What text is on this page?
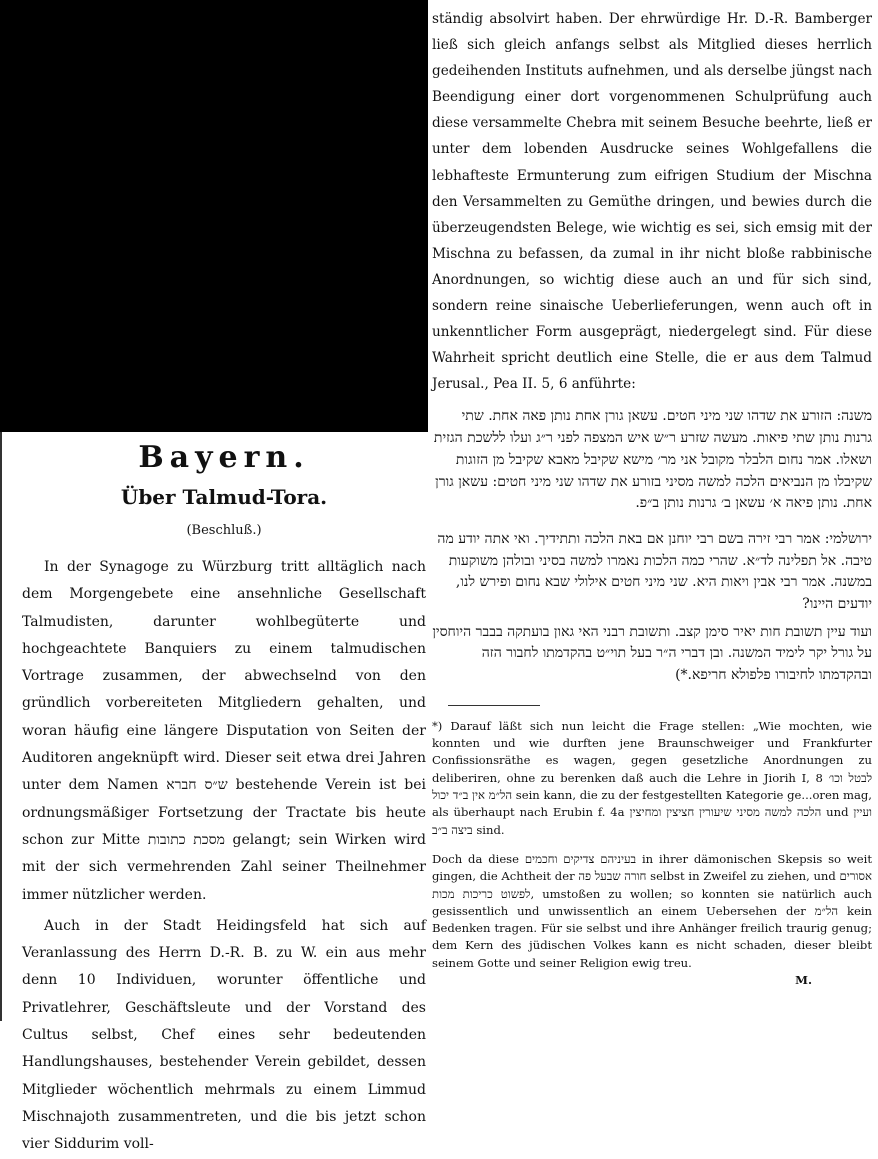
Bayern.
Über Talmud-Tora.
(Beschluß.)

In der Synagoge zu Würzburg tritt alltäglich nach dem Morgengebete eine ansehnliche Gesellschaft Talmudisten, darunter wohlbegüterte und hochgeachtete Banquiers zu einem talmudischen Vortrage zusammen, der abwechselnd von den gründlich vorbereiteten Mitgliedern gehalten, und woran häufig eine längere Disputation von Seiten der Auditoren angeknüpft wird. Dieser seit etwa drei Jahren unter dem Namen ש״ס חברא bestehende Verein ist bei ordnungsmäßiger Fortsetzung der Tractate bis heute schon zur Mitte מסכת כתובות gelangt; sein Wirken wird mit der sich vermehrenden Zahl seiner Theilnehmer immer nützlicher werden.

Auch in der Stadt Heidingsfeld hat sich auf Veranlassung des Herrn D.-R. B. zu W. ein aus mehr denn 10 Individuen, worunter öffentliche und Privatlehrer, Geschäftsleute und der Vorstand des Cultus selbst, Chef eines sehr bedeutenden Handlungshauses, bestehender Verein gebildet, dessen Mitglieder wöchentlich mehrmals zu einem Limmud Mischnajoth zusammentreten, und die bis jetzt schon vier Siddurim voll-

ständig absolvirt haben. Der ehrwürdige Hr. D.-R. Bamberger ließ sich gleich anfangs selbst als Mitglied dieses herrlich gedeihenden Instituts aufnehmen, und als derselbe jüngst nach Beendigung einer dort vorgenommenen Schulprüfung auch diese versammelte Chebra mit seinem Besuche beehrte, ließ er unter dem lobenden Ausdrucke seines Wohlgefallens die lebhafteste Ermunterung zum eifrigen Studium der Mischna den Versammelten zu Gemüthe dringen, und bewies durch die überzeugendsten Belege, wie wichtig es sei, sich emsig mit der Mischna zu befassen, da zumal in ihr nicht bloße rabbinische Anordnungen, so wichtig diese auch an und für sich sind, sondern reine sinaische Ueberlieferungen, wenn auch oft in unkenntlicher Form ausgeprägt, niedergelegt sind. Für diese Wahrheit spricht deutlich eine Stelle, die er aus dem Talmud Jerusal., Pea II. 5, 6 anführte:

משנה: הזורע את שדהו שני מיני חטים. עשאן גורן אחת נותן פאה אחת. שתי גרנות נותן שתי פיאות. מעשה שזרע ר״ש איש המצפה לפני ר״ג ועלו ללשכת הגזית ושאלו. אמר נחום הלבלר מקובל אני מר׳ מישא שקיבל מאבא שקיבל מן הזוגות שקיבלו מן הנביאים הלכה למשה מסיני בזורע את שדהו שני מיני חטים: עשאן גורן אחת. נותן פיאה א׳ עשאן ב׳ גרנות נותן ב״פ.

ירושלמי: אמר רבי זירה בשם רבי יוחנן אם באת הלכה ותתידיך. ואי אתה יודע מה טיבה. אל תפלינה לד״א. שהרי כמה הלכות נאמרו למשה בסיני ובולהן משוקעות במשנה. אמר רבי אבין ויאות היא. שני מיני חטים אילולי שבא נחום ופירש לנו, יודעים היינו?

ועוד עיין תשובת חות יאיר סימן קצב. ותשובת רבני האי גאון בועתקה בבבר היוחסין על גורל יקר לימיד המשנה. ובן דברי ה״ר בעל תוי״ט בהקדמתו לחבור הזה ובהקדמתו לחיבורו פלפולא חריפא.*)

*) Darauf läßt sich nun leicht die Frage stellen: „Wie mochten, wie konnten und wie durften jene Braunschweiger und Frankfurter Confissionsräthe es wagen, gegen gesetzliche Anordnungen zu deliberiren, ohne zu berenken daß auch die Lehre in Jiorih I, 8 לבטל וכו׳ הל״מ אין ב״ד יכול sein kann, die zu der festgestellten Kategorie ge...oren mag, als überhaupt nach Erubin f. 4a הלכה למשה מסיני שיעורין חציצין ומחיצין und ועיין ביצה ב״ב sind.

Doch da diese בעיניהם צדיקים וחכמים in ihrer dämonischen Skepsis so weit gingen, die Achtheit der חורה שבעל פה selbst in Zweifel zu ziehen, und אסורים לפשוט כריכות מכות, umstoßen zu wollen; so konnten sie natürlich auch gesissentlich und unwissentlich an einem Uebersehen der הל״מ kein Bedenken tragen. Für sie selbst und ihre Anhänger freilich traurig genug; dem Kern des jüdischen Volkes kann es nicht schaden, dieser bleibt seinem Gotte und seiner Religion ewig treu.

M.
